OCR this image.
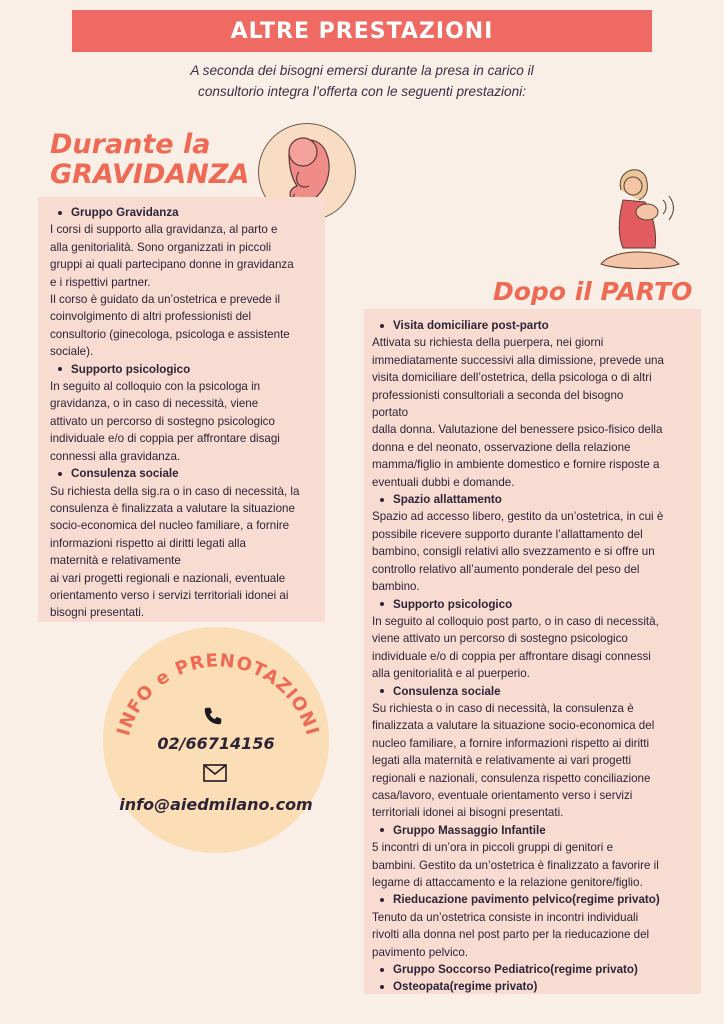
ALTRE PRESTAZIONI
A seconda dei bisogni emersi durante la presa in carico il
consultorio integra l’offerta con le seguenti prestazioni:
Durante la
GRAVIDANZA
Gruppo Gravidanza
I corsi di supporto alla gravidanza, al parto e
alla genitorialità. Sono organizzati in piccoli
gruppi ai quali partecipano donne in gravidanza
e i rispettivi partner.
Il corso è guidato da un’ostetrica e prevede il
coinvolgimento di altri professionisti del
consultorio (ginecologa, psicologa e assistente
sociale).
Supporto psicologico
In seguito al colloquio con la psicologa in
gravidanza, o in caso di necessità, viene
attivato un percorso di sostegno psicologico
individuale e/o di coppia per affrontare disagi
connessi alla gravidanza.
Consulenza sociale
Su richiesta della sig.ra o in caso di necessità, la
consulenza è finalizzata a valutare la situazione
socio-economica del nucleo familiare, a fornire
informazioni rispetto ai diritti legati alla
maternità e relativamente
ai vari progetti regionali e nazionali, eventuale
orientamento verso i servizi territoriali idonei ai
bisogni presentati.
Dopo il PARTO
Visita domiciliare post-parto
Attivata su richiesta della puerpera, nei giorni
immediatamente successivi alla dimissione, prevede una
visita domiciliare dell’ostetrica, della psicologa o di altri
professionisti consultoriali a seconda del bisogno
portato
dalla donna. Valutazione del benessere psico-fisico della
donna e del neonato, osservazione della relazione
mamma/figlio in ambiente domestico e fornire risposte a
eventuali dubbi e domande.
Spazio allattamento
Spazio ad accesso libero, gestito da un’ostetrica, in cui è
possibile ricevere supporto durante l’allattamento del
bambino, consigli relativi allo svezzamento e si offre un
controllo relativo all’aumento ponderale del peso del
bambino.
Supporto psicologico
In seguito al colloquio post parto, o in caso di necessità,
viene attivato un percorso di sostegno psicologico
individuale e/o di coppia per affrontare disagi connessi
alla genitorialità e al puerperio.
Consulenza sociale
Su richiesta o in caso di necessità, la consulenza è
finalizzata a valutare la situazione socio-economica del
nucleo familiare, a fornire informazioni rispetto ai diritti
legati alla maternità e relativamente ai vari progetti
regionali e nazionali, consulenza rispetto conciliazione
casa/lavoro, eventuale orientamento verso i servizi
territoriali idonei ai bisogni presentati.
Gruppo Massaggio Infantile
5 incontri di un’ora in piccoli gruppi di genitori e
bambini. Gestito da un’ostetrica è finalizzato a favorire il
legame di attaccamento e la relazione genitore/figlio.
Rieducazione pavimento pelvico (regime privato)
Tenuto da un’ostetrica consiste in incontri individuali
rivolti alla donna nel post parto per la rieducazione del
pavimento pelvico.
Gruppo Soccorso Pediatrico (regime privato)
Osteopata (regime privato)
INFO e PRENOTAZIONI
02/66714156
info@aiedmilano.com
